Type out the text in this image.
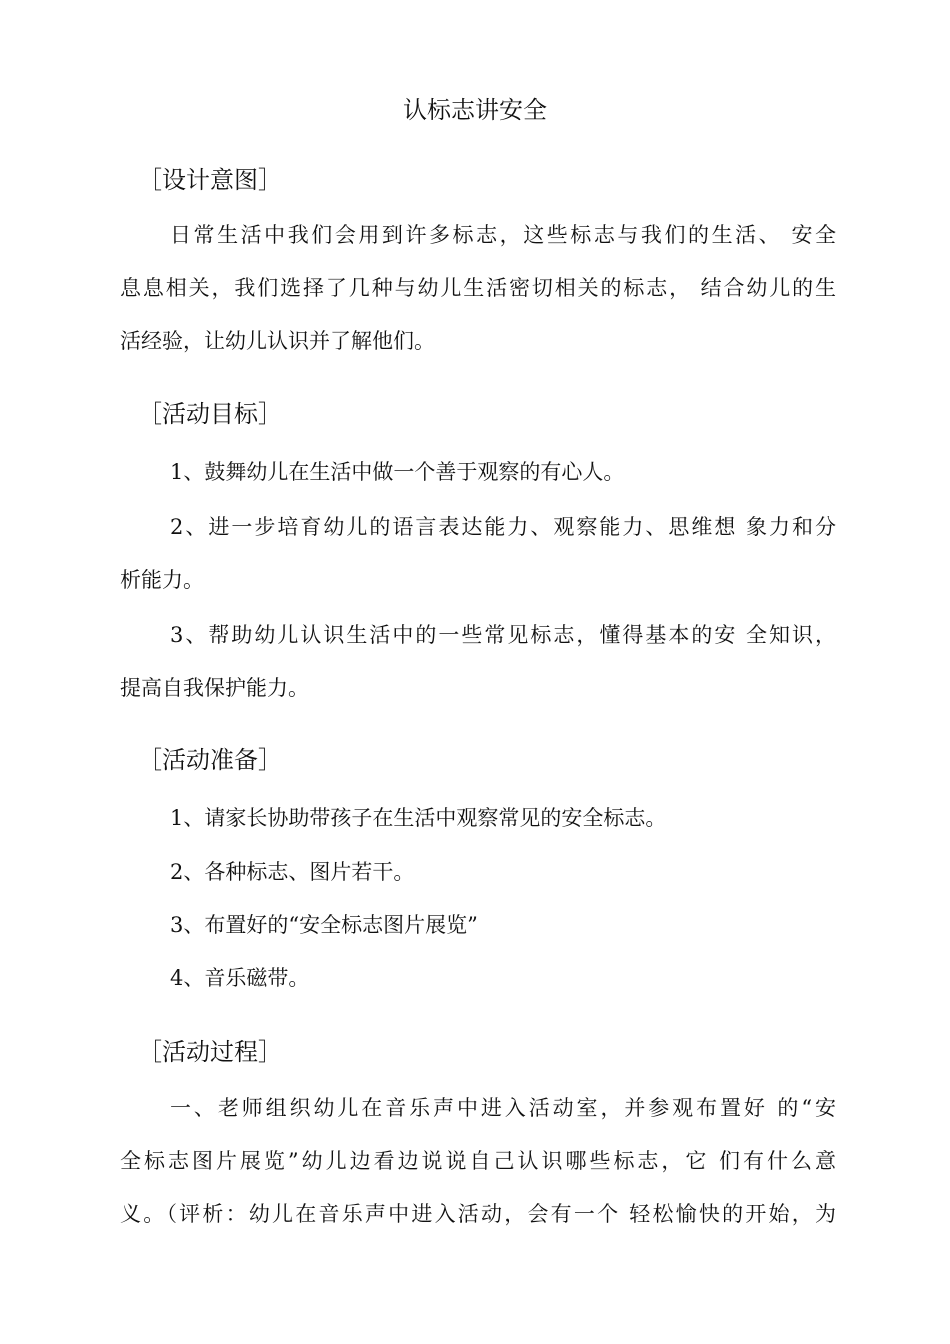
认标志讲安全
［设计意图］
日常生活中我们会用到许多标志，这些标志与我们的生活、 安全
息息相关，我们选择了几种与幼儿生活密切相关的标志， 结合幼儿的生
活经验，让幼儿认识并了解他们。
［活动目标］
1、鼓舞幼儿在生活中做一个善于观察的有心人。
2、进一步培育幼儿的语言表达能力、观察能力、思维想 象力和分
析能力。
3、帮助幼儿认识生活中的一些常见标志，懂得基本的安 全知识，
提高自我保护能力。
［活动准备］
1、请家长协助带孩子在生活中观察常见的安全标志。
2、各种标志、图片若干。
3、布置好的“安全标志图片展览”
4、音乐磁带。
［活动过程］
一、老师组织幼儿在音乐声中进入活动室，并参观布置好 的“安
全标志图片展览”幼儿边看边说说自己认识哪些标志，它 们有什么意
义。（评析：幼儿在音乐声中进入活动，会有一个 轻松愉快的开始，为
